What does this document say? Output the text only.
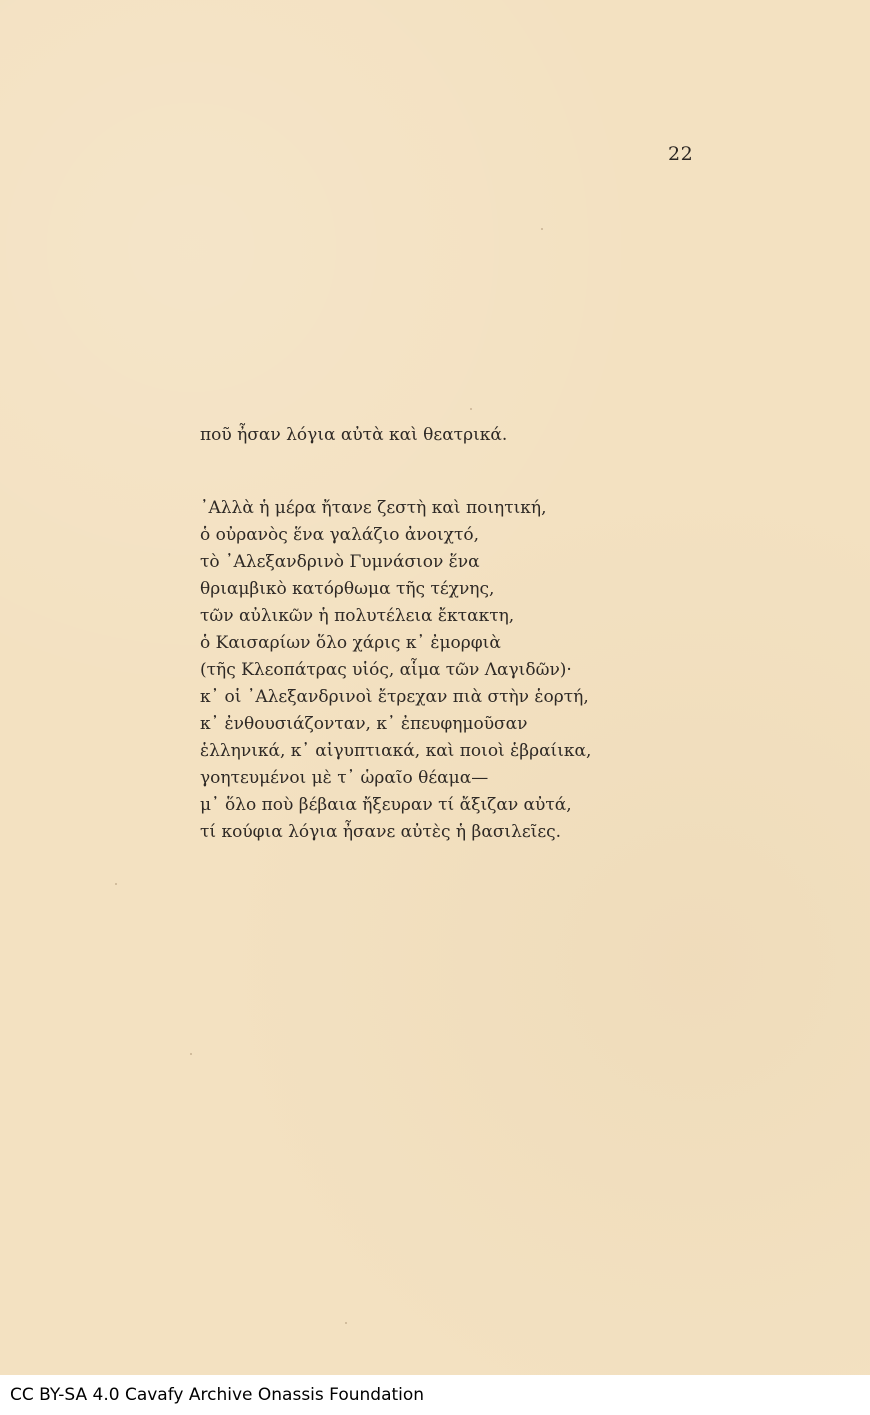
22
ποῦ ἦσαν λόγια αὐτὰ καὶ θεατρικά.
᾿Αλλὰ ἡ μέρα ἤτανε ζεστὴ καὶ ποιητική,
ὁ οὐρανὸς ἕνα γαλάζιο ἀνοιχτό,
τὸ ᾿Αλεξανδρινὸ Γυμνάσιον ἕνα
θριαμβικὸ κατόρθωμα τῆς τέχνης,
τῶν αὐλικῶν ἡ πολυτέλεια ἔκτακτη,
ὁ Καισαρίων ὅλο χάρις κ᾿ ἐμορφιὰ
(τῆς Κλεοπάτρας υἱός, αἷμα τῶν Λαγιδῶν)·
κ᾿ οἱ ᾿Αλεξανδρινοὶ ἔτρεχαν πιὰ στὴν ἑορτή,
κ᾿ ἐνθουσιάζονταν, κ᾿ ἐπευφημοῦσαν
ἑλληνικά, κ᾿ αἰγυπτιακά, καὶ ποιοὶ ἑβραίικα,
γοητευμένοι μὲ τ᾿ ὡραῖο θέαμα—
μ᾿ ὅλο ποὺ βέβαια ἤξευραν τί ἄξιζαν αὐτά,
τί κούφια λόγια ἦσανε αὐτὲς ἡ βασιλεῖες.
CC BY-SA 4.0 Cavafy Archive Onassis Foundation
